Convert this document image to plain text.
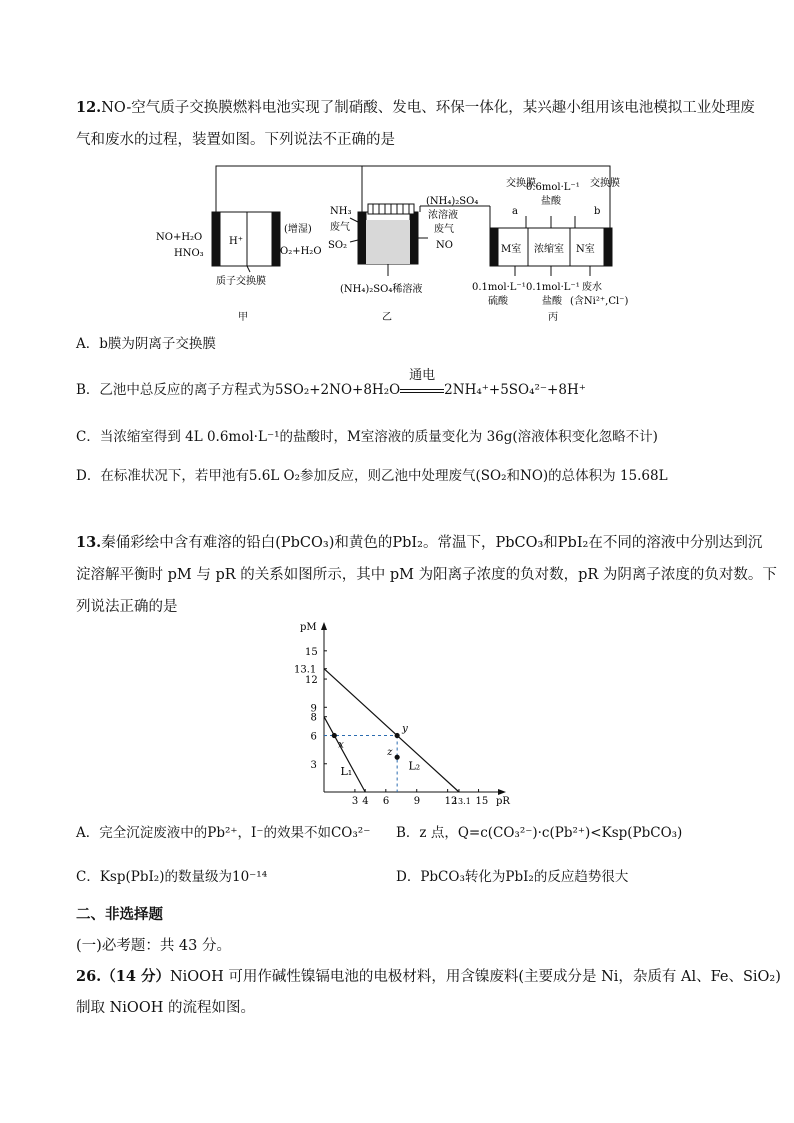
12.NO-空气质子交换膜燃料电池实现了制硝酸、发电、环保一体化，某兴趣小组用该电池模拟工业处理废
气和废水的过程，装置如图。下列说法不正确的是
H⁺
NO+H₂O
HNO₃
(增湿)
O₂+H₂O
质子交换膜
甲
NH₃
废气
SO₂
(NH₄)₂SO₄
浓溶液
废气
NO
(NH₄)₂SO₄稀溶液
乙
交换膜
a
交换膜
b
0.6mol·L⁻¹
盐酸
M室 浓缩室 N室
0.1mol·L⁻¹
硫酸
0.1mol·L⁻¹
盐酸
废水
(含Ni²⁺,Cl⁻)
丙
A．b膜为阴离子交换膜
B．乙池中总反应的离子方程式为5SO₂+2NO+8H₂O
通电
2NH₄⁺+5SO₄²⁻+8H⁺
C．当浓缩室得到 4L 0.6mol·L⁻¹的盐酸时，M室溶液的质量变化为 36g(溶液体积变化忽略不计)
D．在标准状况下，若甲池有5.6L O₂参加反应，则乙池中处理废气(SO₂和NO)的总体积为 15.68L
13.秦俑彩绘中含有难溶的铅白(PbCO₃)和黄色的PbI₂。常温下，PbCO₃和PbI₂在不同的溶液中分别达到沉
淀溶解平衡时 pM 与 pR 的关系如图所示，其中 pM 为阳离子浓度的负对数，pR 为阴离子浓度的负对数。下
列说法正确的是
pR
pM
3 4 6 9 12
13.1 15
3
6
8
9
12
13.1
15
L₁	L₂
x
y
z
A．完全沉淀废液中的Pb²⁺，I⁻的效果不如CO₃²⁻ B．z 点，Q=c(CO₃²⁻)·c(Pb²⁺)<Ksp(PbCO₃)
C．Ksp(PbI₂)的数量级为10⁻¹⁴	D．PbCO₃转化为PbI₂的反应趋势很大
二、非选择题
(一)必考题：共 43 分。
26.（14 分）NiOOH 可用作碱性镍镉电池的电极材料，用含镍废料(主要成分是 Ni，杂质有 Al、Fe、SiO₂)
制取 NiOOH 的流程如图。
